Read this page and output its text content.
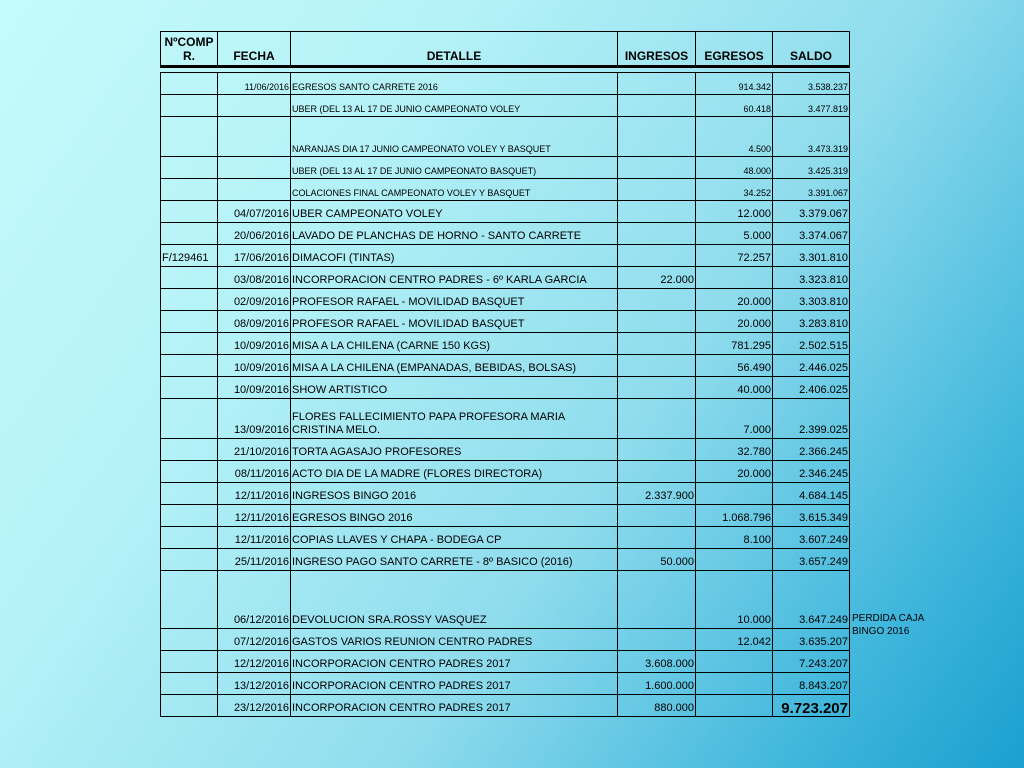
NºCOMP R.	FECHA	DETALLE	INGRESOS	EGRESOS	SALDO
	11/06/2016	EGRESOS SANTO CARRETE 2016		914.342	3.538.237
		UBER (DEL 13 AL 17 DE JUNIO CAMPEONATO VOLEY		60.418	3.477.819
		NARANJAS DIA 17 JUNIO CAMPEONATO VOLEY Y BASQUET		4.500	3.473.319
		UBER (DEL 13 AL 17 DE JUNIO CAMPEONATO BASQUET)		48.000	3.425.319
		COLACIONES FINAL CAMPEONATO VOLEY Y BASQUET		34.252	3.391.067
	04/07/2016	UBER CAMPEONATO VOLEY		12.000	3.379.067
	20/06/2016	LAVADO DE PLANCHAS DE HORNO - SANTO CARRETE		5.000	3.374.067
F/129461	17/06/2016	DIMACOFI (TINTAS)		72.257	3.301.810
	03/08/2016	INCORPORACION CENTRO PADRES - 6º KARLA GARCIA	22.000		3.323.810
	02/09/2016	PROFESOR RAFAEL - MOVILIDAD BASQUET		20.000	3.303.810
	08/09/2016	PROFESOR RAFAEL - MOVILIDAD BASQUET		20.000	3.283.810
	10/09/2016	MISA A LA CHILENA (CARNE 150 KGS)		781.295	2.502.515
	10/09/2016	MISA A LA CHILENA (EMPANADAS, BEBIDAS, BOLSAS)		56.490	2.446.025
	10/09/2016	SHOW ARTISTICO		40.000	2.406.025
	13/09/2016	FLORES FALLECIMIENTO PAPA PROFESORA MARIA CRISTINA MELO.		7.000	2.399.025
	21/10/2016	TORTA AGASAJO PROFESORES		32.780	2.366.245
	08/11/2016	ACTO DIA DE LA MADRE (FLORES DIRECTORA)		20.000	2.346.245
	12/11/2016	INGRESOS BINGO 2016	2.337.900		4.684.145
	12/11/2016	EGRESOS BINGO 2016		1.068.796	3.615.349
	12/11/2016	COPIAS LLAVES Y CHAPA - BODEGA CP		8.100	3.607.249
	25/11/2016	INGRESO PAGO SANTO CARRETE - 8º BASICO (2016)	50.000		3.657.249
	06/12/2016	DEVOLUCION SRA.ROSSY VASQUEZ		10.000	3.647.249
	07/12/2016	GASTOS VARIOS REUNION CENTRO PADRES		12.042	3.635.207
	12/12/2016	INCORPORACION CENTRO PADRES 2017	3.608.000		7.243.207
	13/12/2016	INCORPORACION CENTRO PADRES 2017	1.600.000		8.843.207
	23/12/2016	INCORPORACION CENTRO PADRES 2017	880.000		9.723.207
PERDIDA CAJA BINGO 2016
